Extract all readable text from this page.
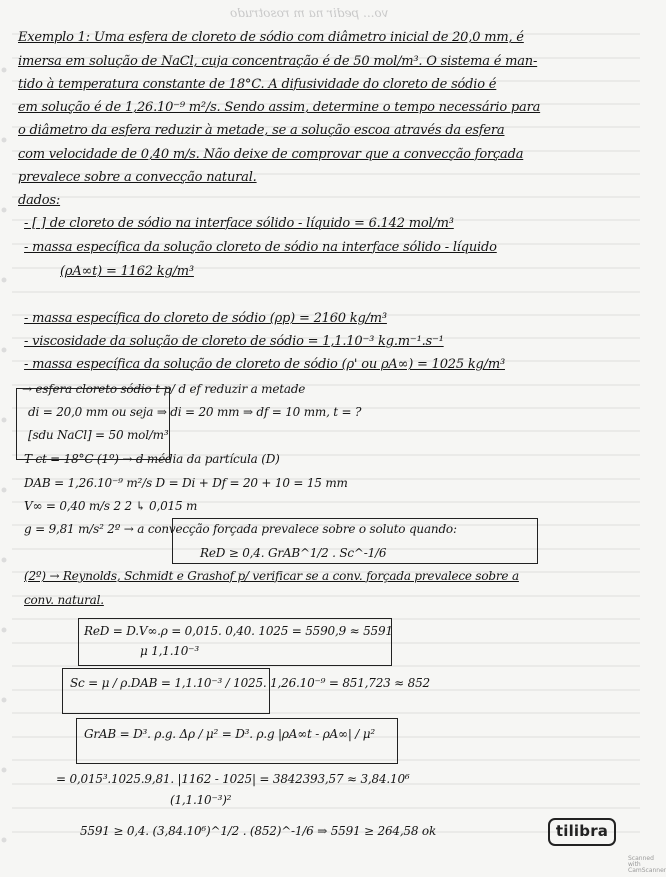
vo... pedir na m rosotrudo
Exemplo 1: Uma esfera de cloreto de sódio com diâmetro inicial de 20,0 mm, é
imersa em solução de NaCl, cuja concentração é de 50 mol/m³. O sistema é man-
tido à temperatura constante de 18°C. A difusividade do cloreto de sódio é
em solução é de 1,26.10⁻⁹ m²/s. Sendo assim, determine o tempo necessário para
o diâmetro da esfera reduzir à metade, se a solução escoa através da esfera
com velocidade de 0,40 m/s. Não deixe de comprovar que a convecção forçada
prevalece sobre a convecção natural.
dados:
- [ ] de cloreto de sódio na interface sólido - líquido = 6.142 mol/m³
- massa específica da solução cloreto de sódio na interface sólido - líquido
(ρA∞t) = 1162 kg/m³
- massa específica do cloreto de sódio (ρp) = 2160 kg/m³
- viscosidade da solução de cloreto de sódio = 1,1.10⁻³ kg.m⁻¹.s⁻¹
- massa específica da solução de cloreto de sódio (ρ' ou ρA∞) = 1025 kg/m³
→ esfera cloreto sódio t p/ d ef reduzir a metade
di = 20,0 mm ou seja ⇒ di = 20 mm ⇒ df = 10 mm, t = ?
[sdu NaCl] = 50 mol/m³
T ct = 18°C (1º) → d média da partícula (D)
DAB = 1,26.10⁻⁹ m²/s D = Di + Df = 20 + 10 = 15 mm
V∞ = 0,40 m/s 2 2 ↳ 0,015 m
g = 9,81 m/s² 2º → a convecção forçada prevalece sobre o soluto quando:
ReD ≥ 0,4. GrAB^1/2 . Sc^-1/6
(2º) → Reynolds, Schmidt e Grashof p/ verificar se a conv. forçada prevalece sobre a
conv. natural.
ReD = D.V∞.ρ = 0,015. 0,40. 1025 = 5590,9 ≈ 5591
μ 1,1.10⁻³
Sc = μ / ρ.DAB = 1,1.10⁻³ / 1025. 1,26.10⁻⁹ = 851,723 ≈ 852
GrAB = D³. ρ.g. Δρ / μ² = D³. ρ.g |ρA∞t - ρA∞| / μ²
= 0,015³.1025.9,81. |1162 - 1025| = 3842393,57 ≈ 3,84.10⁶
(1,1.10⁻³)²
5591 ≥ 0,4. (3,84.10⁶)^1/2 . (852)^-1/6 ⇒ 5591 ≥ 264,58 ok	tilibra
Scanned with CamScanner
